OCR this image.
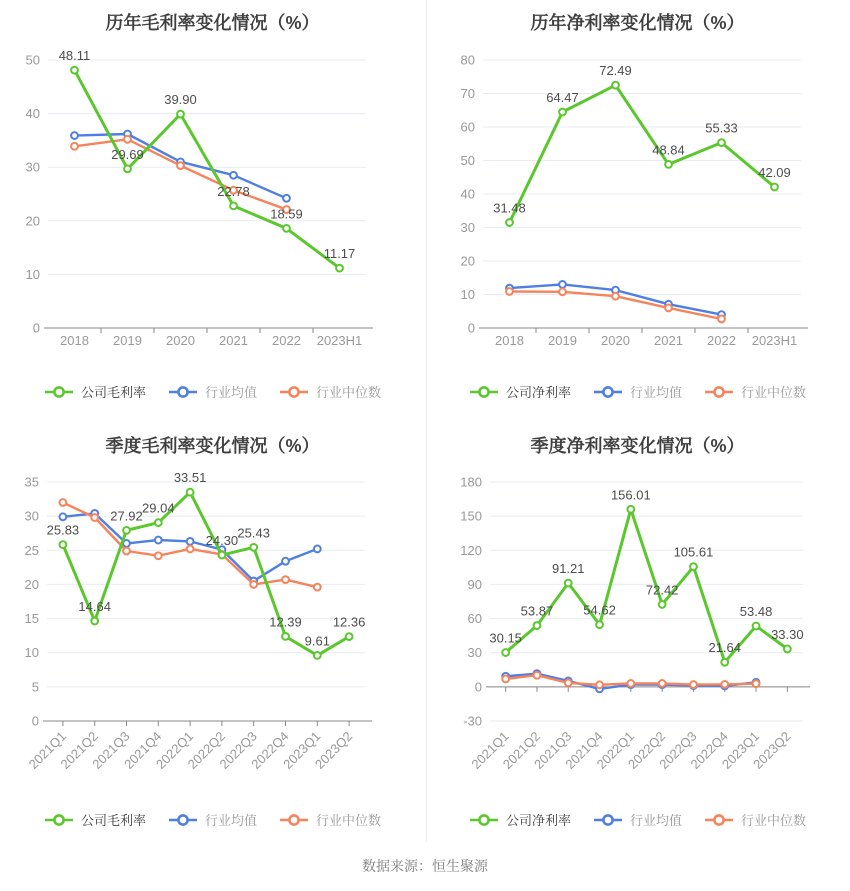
历年毛利率变化情况（%）
0
10
20
30
40
50
2018 2019 2020 2021 2022 2023H1
48.11
29.69
39.90
22.78
18.59
11.17
公司毛利率	行业均值	行业中位数
历年净利率变化情况（%）
0
10
20
30
40
50
60
70
80
2018 2019 2020 2021 2022 2023H1
31.48
64.47
72.49
48.84
55.33
42.09
公司净利率	行业均值	行业中位数
季度毛利率变化情况（%）
0
5
10
15
20
25
30
35
2021Q1
2021Q2
2021Q3
2021Q4
2022Q1
2022Q2
2022Q3
2022Q4
2023Q1
2023Q2
25.83
14.64
27.92
29.04
33.51
24.30
25.43
12.39
9.61
12.36
公司毛利率	行业均值	行业中位数
季度净利率变化情况（%）
-30
0
30
60
90
120
150
180
2021Q1
2021Q2
2021Q3
2021Q4
2022Q1
2022Q2
2022Q3
2022Q4
2023Q1
2023Q2
30.15
53.87
91.21
54.62
156.01
72.42
105.61
21.64
53.48
33.30
公司净利率	行业均值	行业中位数
数据来源：恒生聚源
